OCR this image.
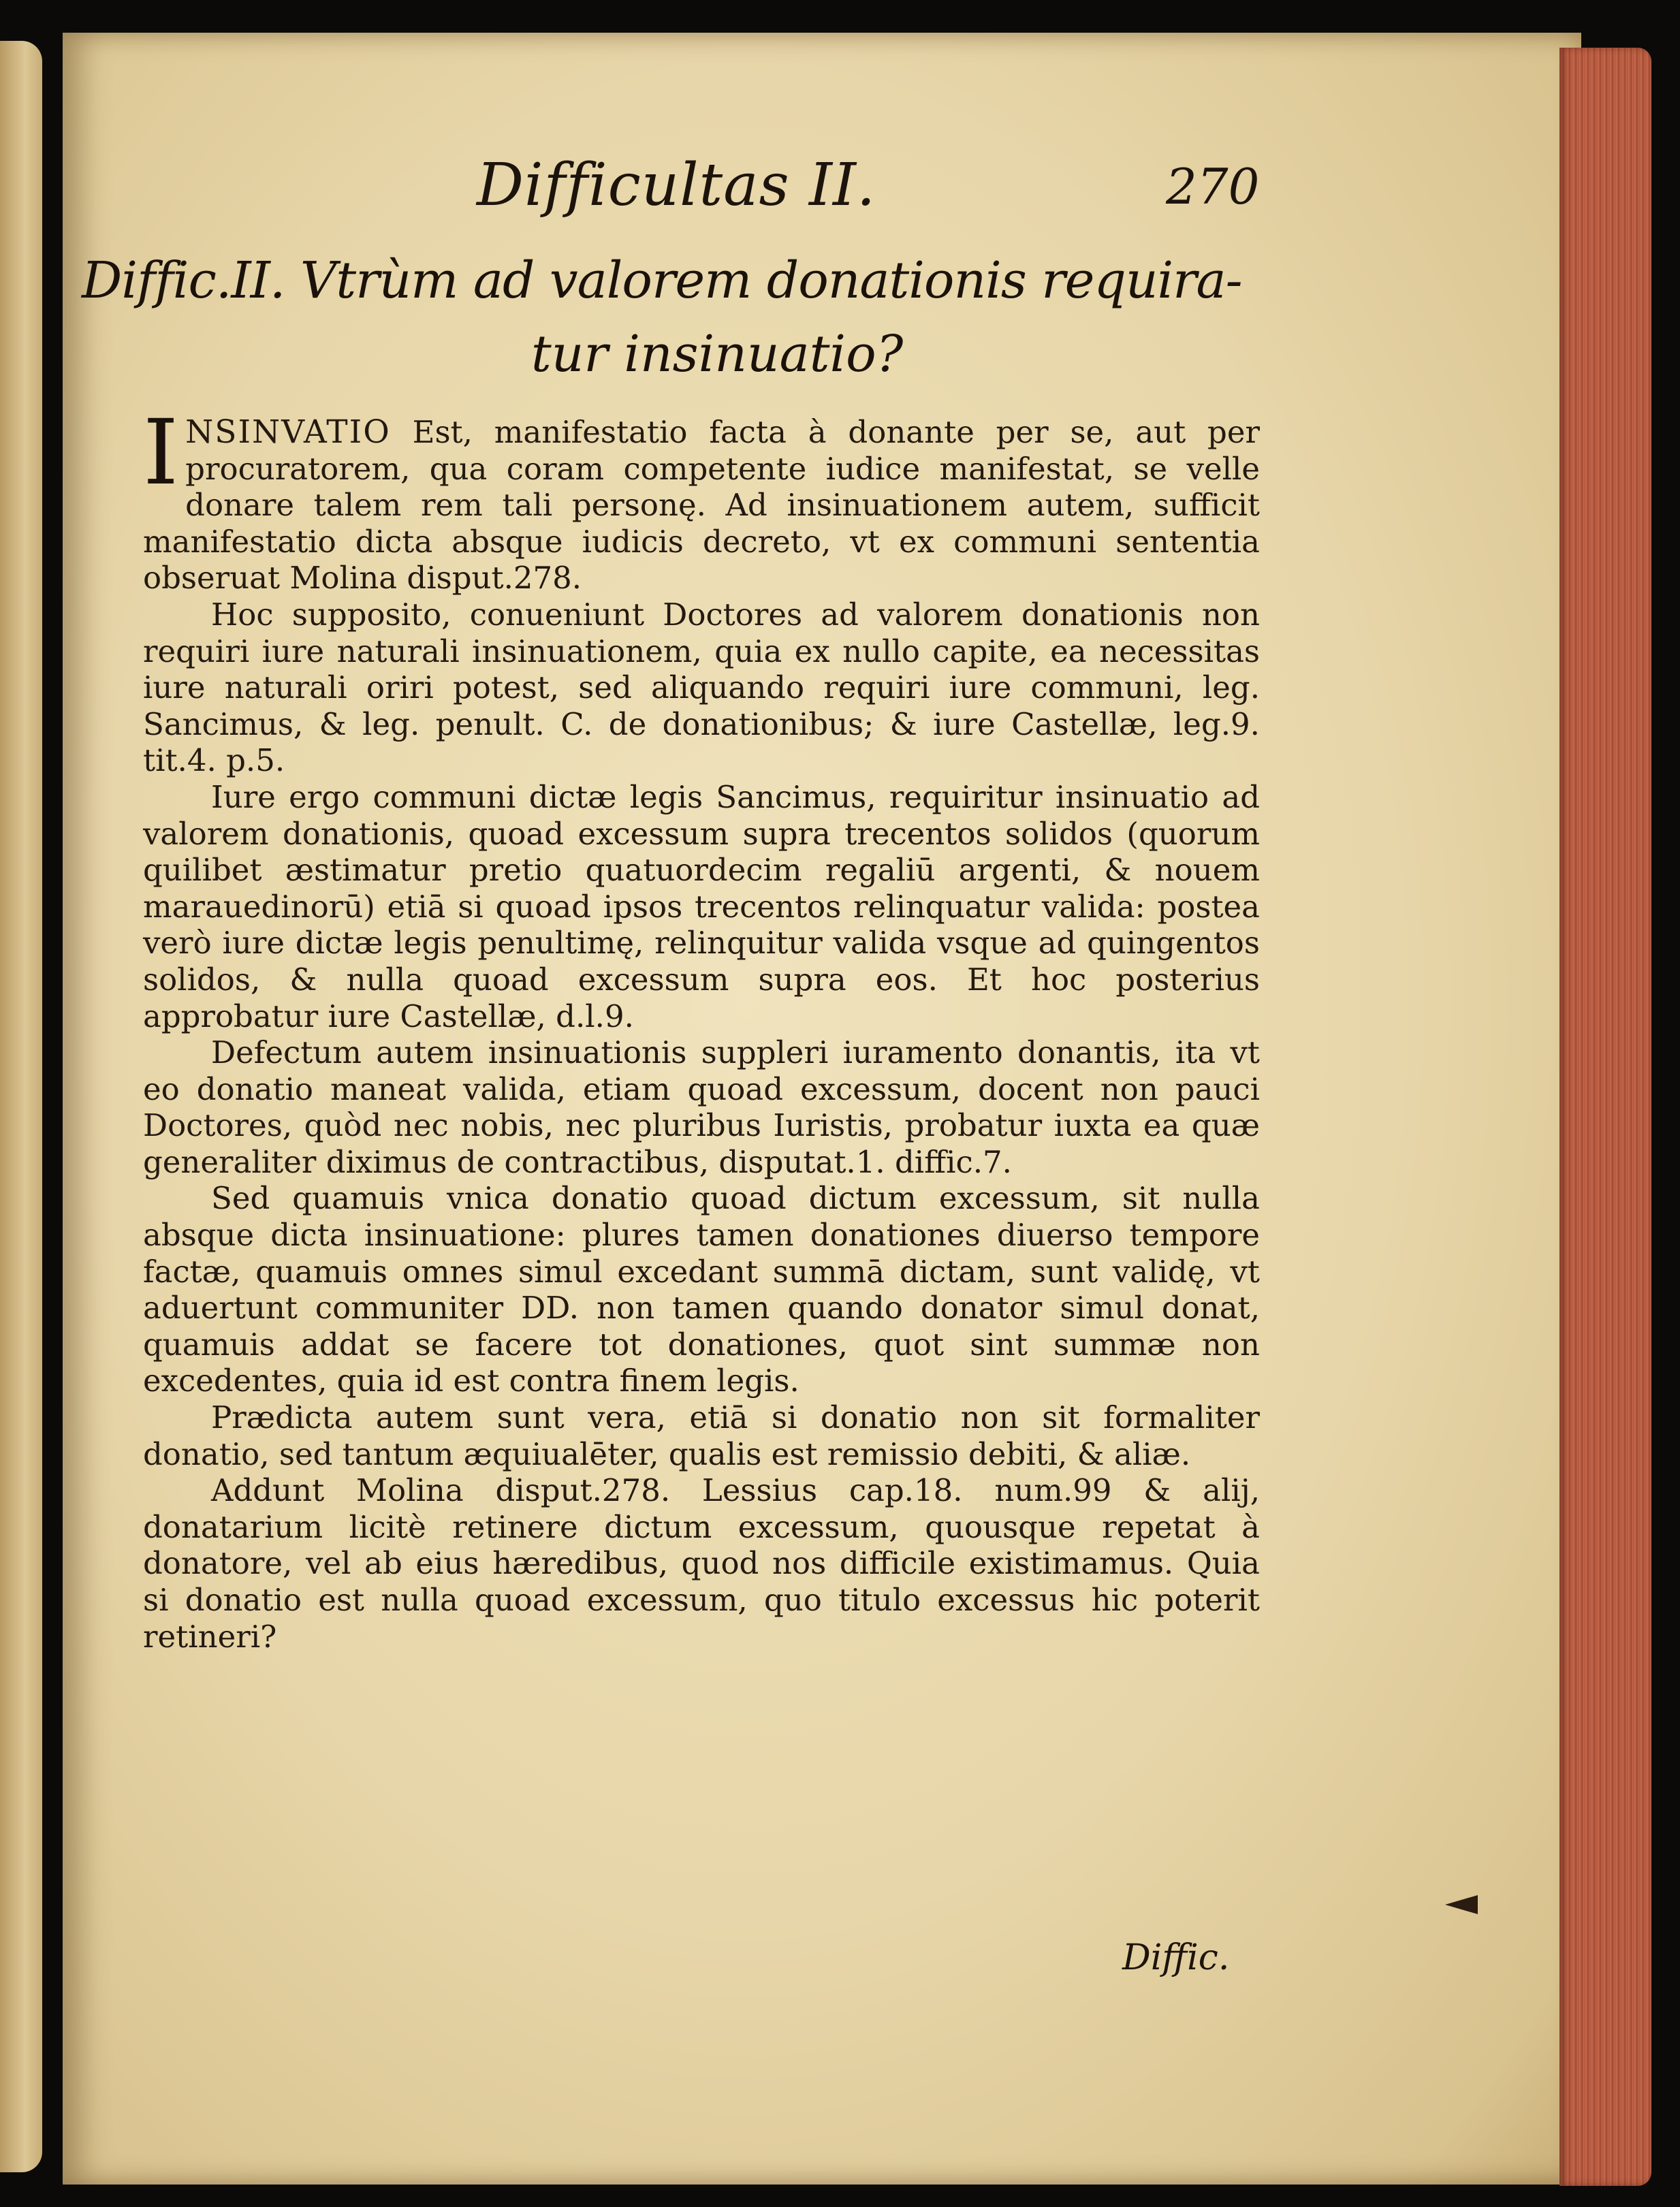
Difficultas II.	270
Diffic.II. Vtrùm ad valorem donationis requira-
tur insinuatio?

INSINVATIO Est, manifestatio facta à donante per se, aut per procuratorem, qua coram competente iudice manifestat, se velle donare talem rem tali personę. Ad insinuationem autem, sufficit manifestatio dicta absque iudicis decreto, vt ex communi sententia obseruat Molina disput.278.

Hoc supposito, conueniunt Doctores ad valorem donationis non requiri iure naturali insinuationem, quia ex nullo capite, ea necessitas iure naturali oriri potest, sed aliquando requiri iure communi, leg. Sancimus, & leg. penult. C. de donationibus; & iure Castellæ, leg.9. tit.4. p.5.

Iure ergo communi dictæ legis Sancimus, requiritur insinuatio ad valorem donationis, quoad excessum supra trecentos solidos (quorum quilibet æstimatur pretio quatuordecim regaliū argenti, & nouem marauedinorū) etiā si quoad ipsos trecentos relinquatur valida: postea verò iure dictæ legis penultimę, relinquitur valida vsque ad quingentos solidos, & nulla quoad excessum supra eos. Et hoc posterius approbatur iure Castellæ, d.l.9.

Defectum autem insinuationis suppleri iuramento donantis, ita vt eo donatio maneat valida, etiam quoad excessum, docent non pauci Doctores, quòd nec nobis, nec pluribus Iuristis, probatur iuxta ea quæ generaliter diximus de contractibus, disputat.1. diffic.7.

Sed quamuis vnica donatio quoad dictum excessum, sit nulla absque dicta insinuatione: plures tamen donationes diuerso tempore factæ, quamuis omnes simul excedant summā dictam, sunt validę, vt aduertunt communiter DD. non tamen quando donator simul donat, quamuis addat se facere tot donationes, quot sint summæ non excedentes, quia id est contra finem legis.

Prædicta autem sunt vera, etiā si donatio non sit formaliter donatio, sed tantum æquiualēter, qualis est remissio debiti, & aliæ.

Addunt Molina disput.278. Lessius cap.18. num.99 & alij, donatarium licitè retinere dictum excessum, quousque repetat à donatore, vel ab eius hæredibus, quod nos difficile existimamus. Quia si donatio est nulla quoad excessum, quo titulo excessus hic poterit retineri?

Diffic.
